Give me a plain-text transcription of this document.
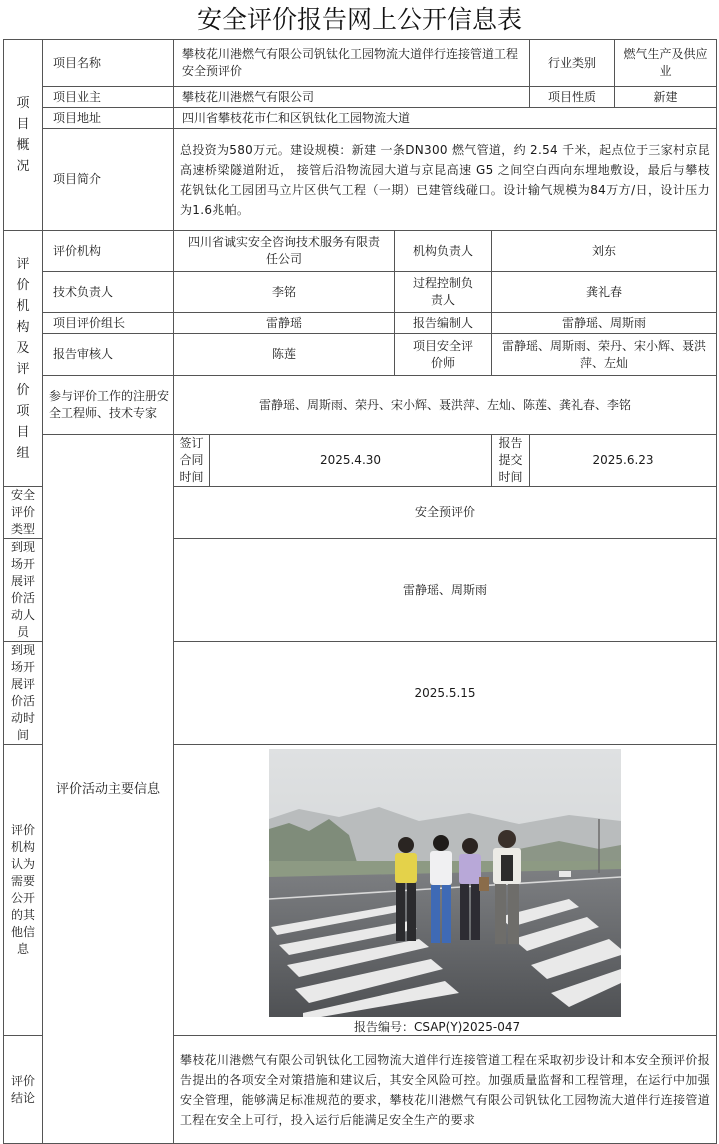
安全评价报告网上公开信息表
项目概况	项目名称	攀枝花川港燃气有限公司钒钛化工园物流大道伴行连接管道工程安全预评价				行业类别	燃气生产及供应业
	项目业主	攀枝花川港燃气有限公司				项目性质	新建
	项目地址	四川省攀枝花市仁和区钒钛化工园物流大道					
	项目简介	总投资为580万元。建设规模：新建 一条DN300 燃气管道，约 2.54 千米，起点位于三家村京昆高速桥梁隧道附近， 接管后沿物流园大道与京昆高速 G5 之间空白西向东埋地敷设，最后与攀枝花钒钛化工园团马立片区供气工程（一期）已建管线碰口。设计输气规模为84万方/日，设计压力为1.6兆帕。					
评价机构及评价项目组	评价机构	四川省诚实安全咨询技术服务有限责任公司		机构负责人	刘东		
	技术负责人	李铭		过程控制负责人	龚礼春		
	项目评价组长	雷静瑶		报告编制人	雷静瑶、周斯雨		
	报告审核人	陈莲		项目安全评价师	雷静瑶、周斯雨、荣丹、宋小辉、聂洪萍、左灿		
	参与评价工作的注册安全工程师、技术专家	雷静瑶、周斯雨、荣丹、宋小辉、聂洪萍、左灿、陈莲、龚礼春、李铭					
	评价活动主要信息	签订合同时间	2025.4.30		报告提交时间	2025.6.23	
安全评价类型		安全预评价					
到现场开展评价活动人员		雷静瑶、周斯雨					
到现场开展评价活动时间		2025.5.15					
评价机构认为需要公开的其他信息		报告编号：CSAP(Y)2025-047					

评价结论		攀枝花川港燃气有限公司钒钛化工园物流大道伴行连接管道工程在采取初步设计和本安全预评价报告提出的各项安全对策措施和建议后，其安全风险可控。加强质量监督和工程管理，在运行中加强安全管理，能够满足标准规范的要求，攀枝花川港燃气有限公司钒钛化工园物流大道伴行连接管道工程在安全上可行，投入运行后能满足安全生产的要求					
